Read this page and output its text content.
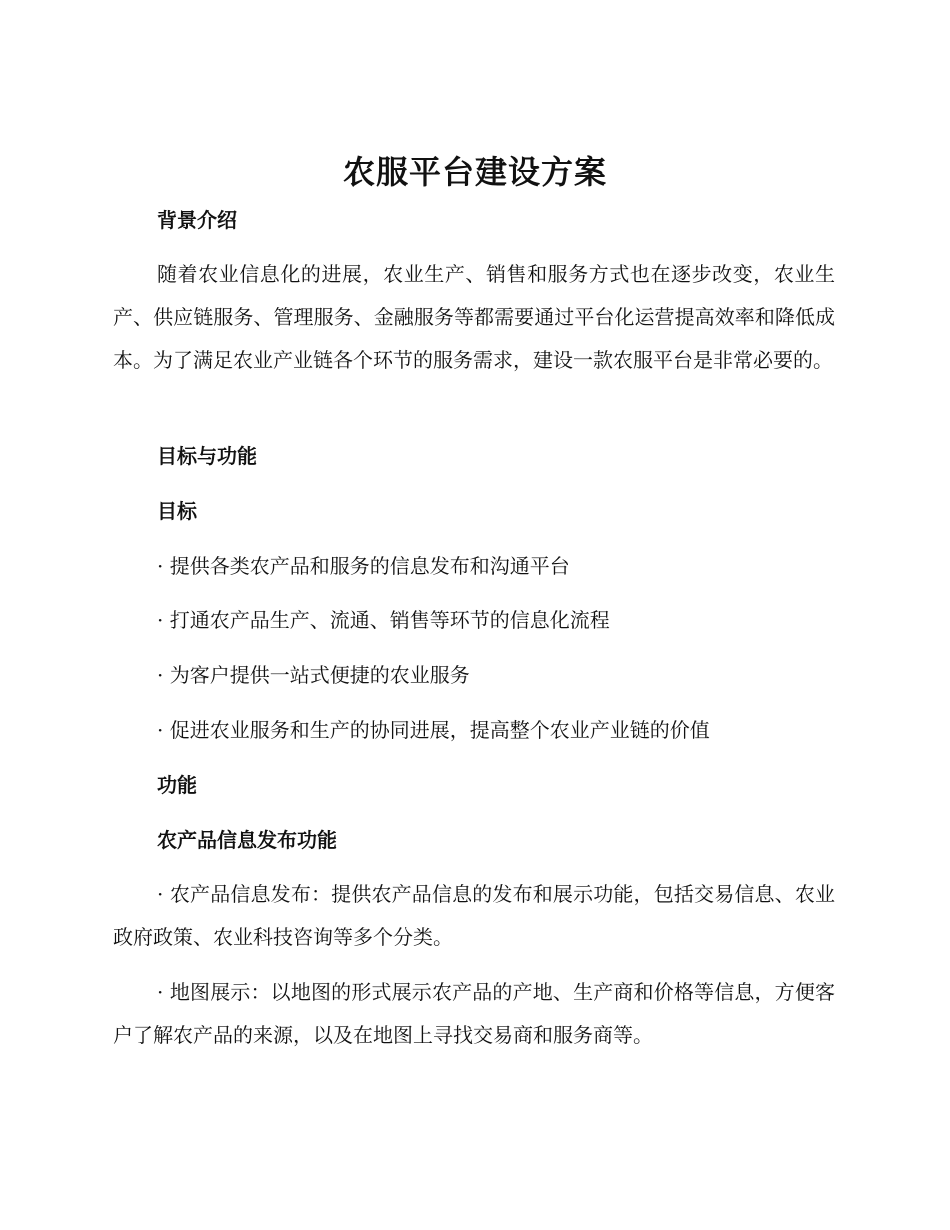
农服平台建设方案
背景介绍

随着农业信息化的进展，农业生产、销售和服务方式也在逐步改变，农业生产、供应链服务、管理服务、金融服务等都需要通过平台化运营提高效率和降低成本。为了满足农业产业链各个环节的服务需求，建设一款农服平台是非常必要的。

目标与功能
目标

· 提供各类农产品和服务的信息发布和沟通平台

· 打通农产品生产、流通、销售等环节的信息化流程

· 为客户提供一站式便捷的农业服务

· 促进农业服务和生产的协同进展，提高整个农业产业链的价值

功能
农产品信息发布功能

· 农产品信息发布：提供农产品信息的发布和展示功能，包括交易信息、农业政府政策、农业科技咨询等多个分类。

· 地图展示：以地图的形式展示农产品的产地、生产商和价格等信息，方便客户了解农产品的来源，以及在地图上寻找交易商和服务商等。
